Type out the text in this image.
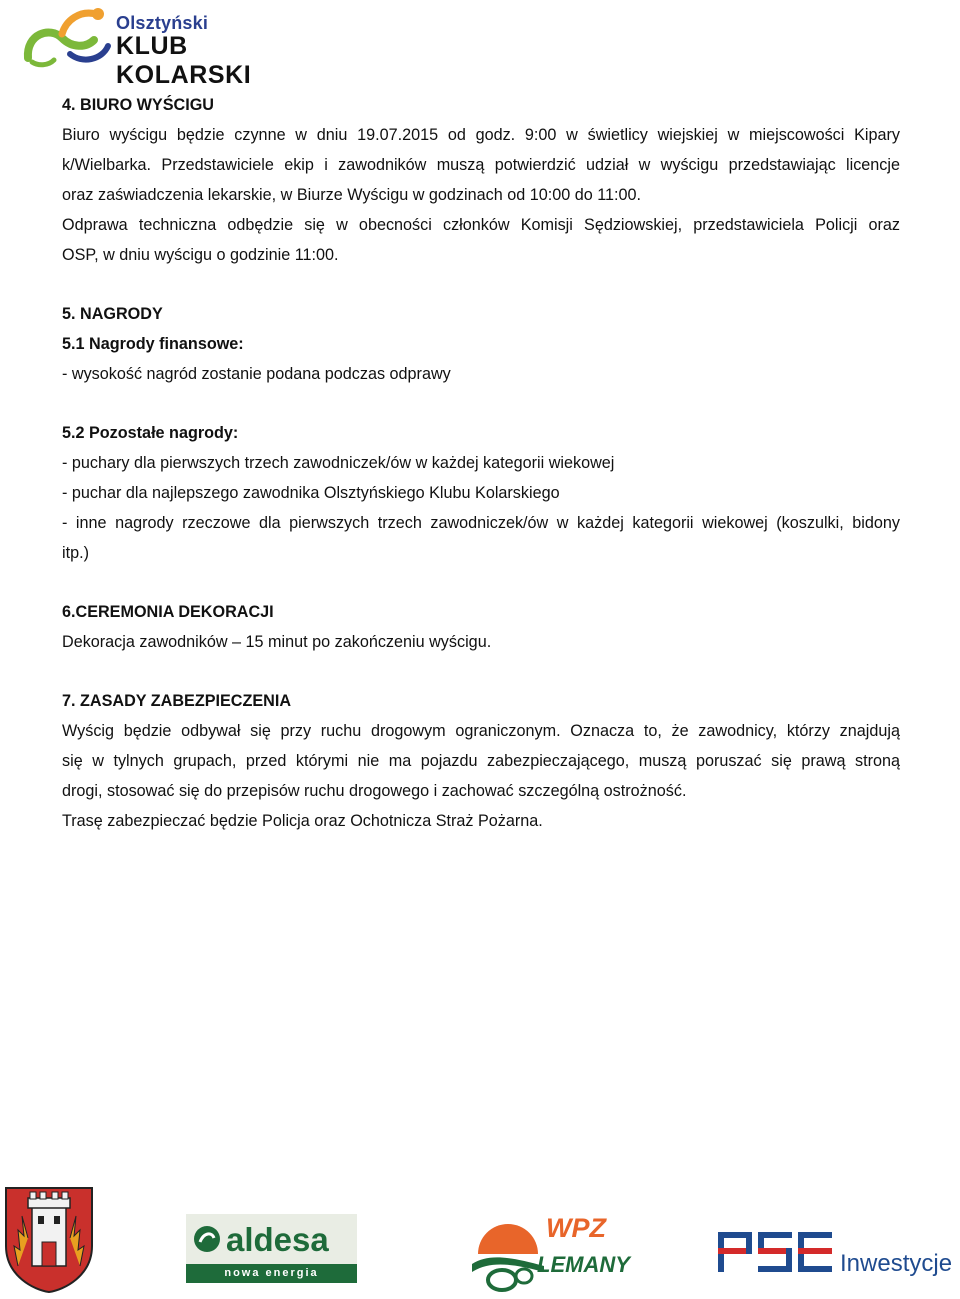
Olsztyński
KLUB KOLARSKI
4. BIURO WYŚCIGU
Biuro wyścigu będzie czynne w dniu 19.07.2015 od godz. 9:00 w świetlicy wiejskiej w miejscowości Kipary
k/Wielbarka. Przedstawiciele ekip i zawodników muszą potwierdzić udział w wyścigu przedstawiając licencje
oraz zaświadczenia lekarskie, w Biurze Wyścigu w godzinach od 10:00 do 11:00.
Odprawa techniczna odbędzie się w obecności członków Komisji Sędziowskiej, przedstawiciela Policji oraz
OSP, w dniu wyścigu o godzinie 11:00.
5. NAGRODY
5.1 Nagrody finansowe:
- wysokość nagród zostanie podana podczas odprawy
5.2 Pozostałe nagrody:
- puchary dla pierwszych trzech zawodniczek/ów w każdej kategorii wiekowej
- puchar dla najlepszego zawodnika Olsztyńskiego Klubu Kolarskiego
- inne nagrody rzeczowe dla pierwszych trzech zawodniczek/ów w każdej kategorii wiekowej (koszulki, bidony
itp.)
6.CEREMONIA DEKORACJI
Dekoracja zawodników – 15 minut po zakończeniu wyścigu.
7. ZASADY ZABEZPIECZENIA
Wyścig będzie odbywał się przy ruchu drogowym ograniczonym. Oznacza to, że zawodnicy, którzy znajdują
się w tylnych grupach, przed którymi nie ma pojazdu zabezpieczającego, muszą poruszać się prawą stroną
drogi, stosować się do przepisów ruchu drogowego i zachować szczególną ostrożność.
Trasę zabezpieczać będzie Policja oraz Ochotnicza Straż Pożarna.
aldesa
nowa energia
WPZ
LEMANY	Inwestycje
